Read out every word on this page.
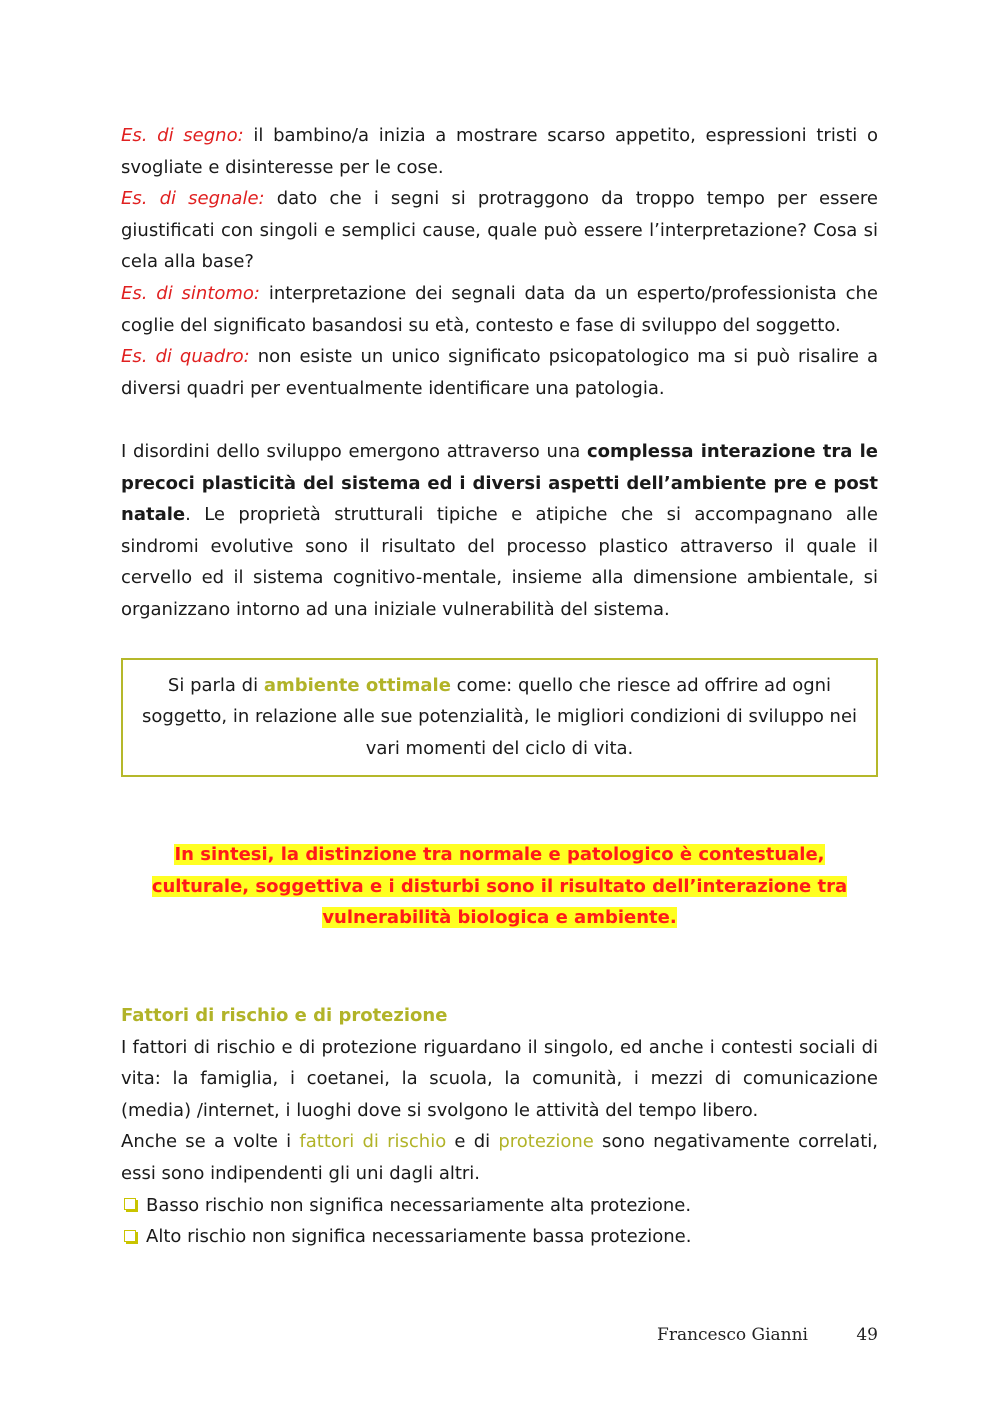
Es. di segno: il bambino/a inizia a mostrare scarso appetito, espressioni tristi o svogliate e disinteresse per le cose.

Es. di segnale: dato che i segni si protraggono da troppo tempo per essere giustificati con singoli e semplici cause, quale può essere l’interpretazione? Cosa si cela alla base?

Es. di sintomo: interpretazione dei segnali data da un esperto/professionista che coglie del significato basandosi su età, contesto e fase di sviluppo del soggetto.

Es. di quadro: non esiste un unico significato psicopatologico ma si può risalire a diversi quadri per eventualmente identificare una patologia.

I disordini dello sviluppo emergono attraverso una complessa interazione tra le precoci plasticità del sistema ed i diversi aspetti dell’ambiente pre e post natale. Le proprietà strutturali tipiche e atipiche che si accompagnano alle sindromi evolutive sono il risultato del processo plastico attraverso il quale il cervello ed il sistema cognitivo-mentale, insieme alla dimensione ambientale, si organizzano intorno ad una iniziale vulnerabilità del sistema.

Si parla di ambiente ottimale come: quello che riesce ad offrire ad ogni soggetto, in relazione alle sue potenzialità, le migliori condizioni di sviluppo nei vari momenti del ciclo di vita.
In sintesi, la distinzione tra normale e patologico è contestuale, culturale, soggettiva e i disturbi sono il risultato dell’interazione tra vulnerabilità biologica e ambiente.
Fattori di rischio e di protezione

I fattori di rischio e di protezione riguardano il singolo, ed anche i contesti sociali di vita: la famiglia, i coetanei, la scuola, la comunità, i mezzi di comunicazione (media) /internet, i luoghi dove si svolgono le attività del tempo libero.

Anche se a volte i fattori di rischio e di protezione sono negativamente correlati, essi sono indipendenti gli uni dagli altri.

Basso rischio non significa necessariamente alta protezione.
Alto rischio non significa necessariamente bassa protezione.
Francesco Gianni	49
